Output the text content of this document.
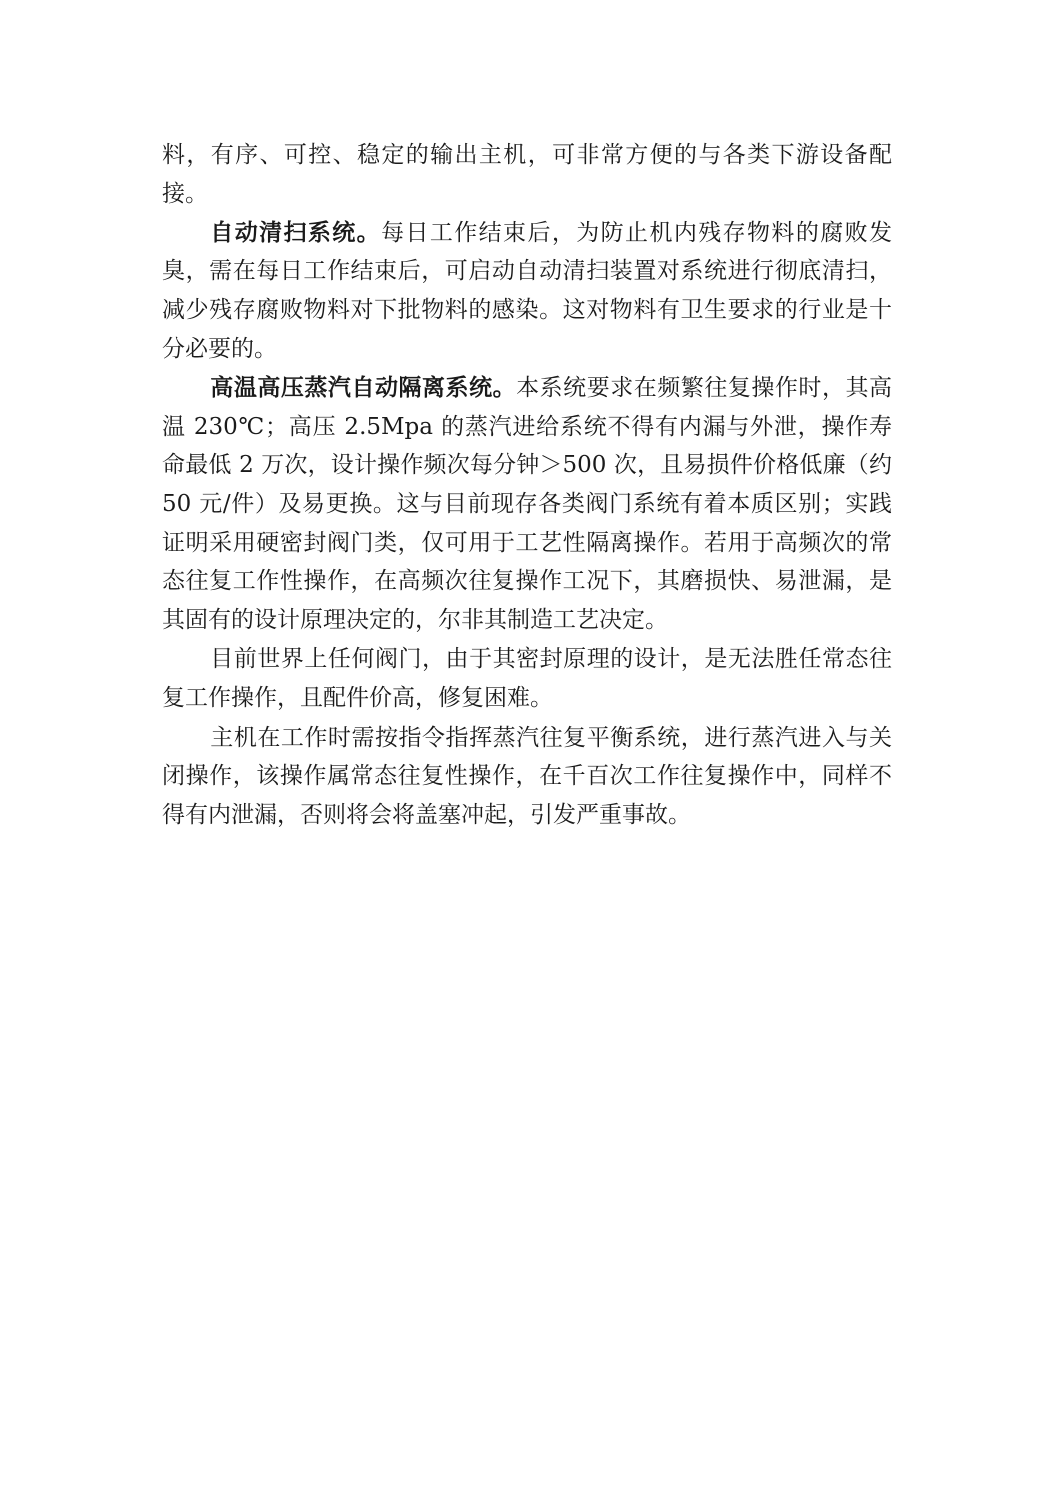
料，有序、可控、稳定的输出主机，可非常方便的与各类下游设备配接。

自动清扫系统。每日工作结束后，为防止机内残存物料的腐败发臭，需在每日工作结束后，可启动自动清扫装置对系统进行彻底清扫，减少残存腐败物料对下批物料的感染。这对物料有卫生要求的行业是十分必要的。

高温高压蒸汽自动隔离系统。本系统要求在频繁往复操作时，其高温 230℃；高压 2.5Mpa 的蒸汽进给系统不得有内漏与外泄，操作寿命最低 2 万次，设计操作频次每分钟＞500 次，且易损件价格低廉（约 50 元/件）及易更换。这与目前现存各类阀门系统有着本质区别；实践证明采用硬密封阀门类，仅可用于工艺性隔离操作。若用于高频次的常态往复工作性操作，在高频次往复操作工况下，其磨损快、易泄漏，是其固有的设计原理决定的，尔非其制造工艺决定。

目前世界上任何阀门，由于其密封原理的设计，是无法胜任常态往复工作操作，且配件价高，修复困难。

主机在工作时需按指令指挥蒸汽往复平衡系统，进行蒸汽进入与关闭操作，该操作属常态往复性操作，在千百次工作往复操作中，同样不得有内泄漏，否则将会将盖塞冲起，引发严重事故。
